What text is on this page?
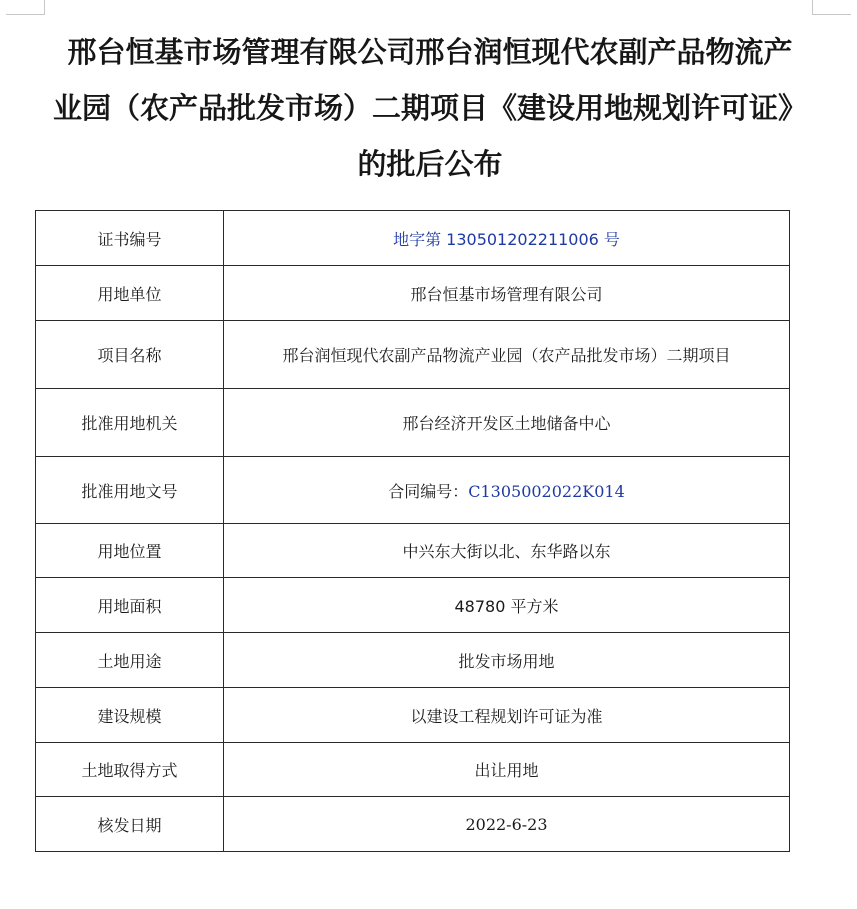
邢台恒基市场管理有限公司邢台润恒现代农副产品物流产
业园（农产品批发市场）二期项目《建设用地规划许可证》
的批后公布
证书编号	地字第 130501202211006 号
用地单位	邢台恒基市场管理有限公司
项目名称	邢台润恒现代农副产品物流产业园（农产品批发市场）二期项目
批准用地机关	邢台经济开发区土地储备中心
批准用地文号	合同编号：C1305002022K014
用地位置	中兴东大街以北、东华路以东
用地面积	48780 平方米
土地用途	批发市场用地
建设规模	以建设工程规划许可证为准
土地取得方式	出让用地
核发日期	2022-6-23
